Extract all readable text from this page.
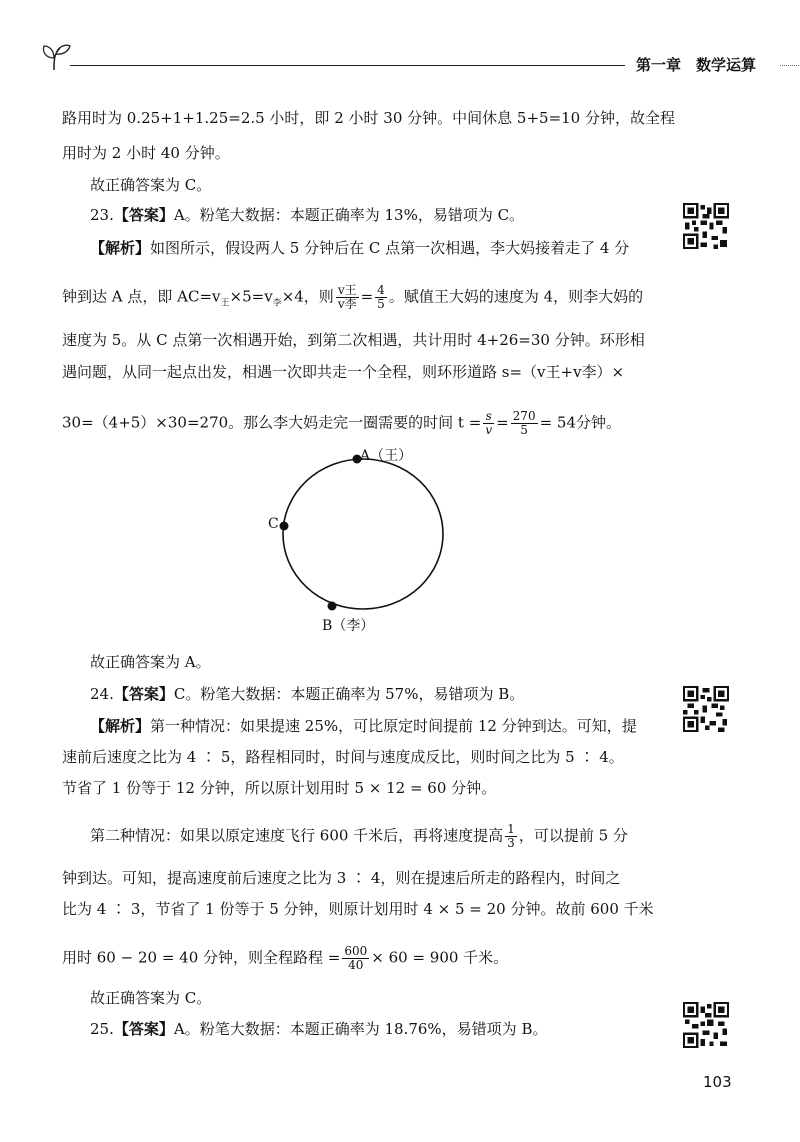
第一章　数学运算
路用时为 0.25+1+1.25=2.5 小时，即 2 小时 30 分钟。中间休息 5+5=10 分钟，故全程
用时为 2 小时 40 分钟。
故正确答案为 C。
23.【答案】A。粉笔大数据：本题正确率为 13%，易错项为 C。
【解析】如图所示，假设两人 5 分钟后在 C 点第一次相遇，李大妈接着走了 4 分
钟到达 A 点，即 $AC=v_王\times 5=v_李\times 4$，则 $\frac{\text{v王}}{\text{v李}} = \frac{4}{5}$ 。赋值王大妈的速度为 4，则李大妈的
速度为 5。从 C 点第一次相遇开始，到第二次相遇，共计用时 4+26=30 分钟。环形相
遇问题，从同一起点出发，相遇一次即共走一个全程，则环形道路 s=（v王+v李）×
30=（4+5）×30=270。那么李大妈走完一圈需要的时间 $t = \frac{s}{v} = \frac{270}{5} = 54$分钟。
A（王）
C
B（李）
故正确答案为 A。
24.【答案】C。粉笔大数据：本题正确率为 57%，易错项为 B。
【解析】第一种情况：如果提速 25%，可比原定时间提前 12 分钟到达。可知，提
速前后速度之比为 4 ∶ 5，路程相同时，时间与速度成反比，则时间之比为 5 ∶ 4。
节省了 1 份等于 12 分钟，所以原计划用时 5 × 12 = 60 分钟。
第二种情况：如果以原定速度飞行 600 千米后，再将速度提高 $\frac{1}{3}$ ，可以提前 5 分
钟到达。可知，提高速度前后速度之比为 3 ∶ 4，则在提速后所走的路程内，时间之
比为 4 ∶ 3，节省了 1 份等于 5 分钟，则原计划用时 4 × 5 = 20 分钟。故前 600 千米
用时 60 − 20 = 40 分钟，则全程路程 = $\frac{600}{40} \times 60 = 900$ 千米。
故正确答案为 C。
25.【答案】A。粉笔大数据：本题正确率为 18.76%，易错项为 B。
103
